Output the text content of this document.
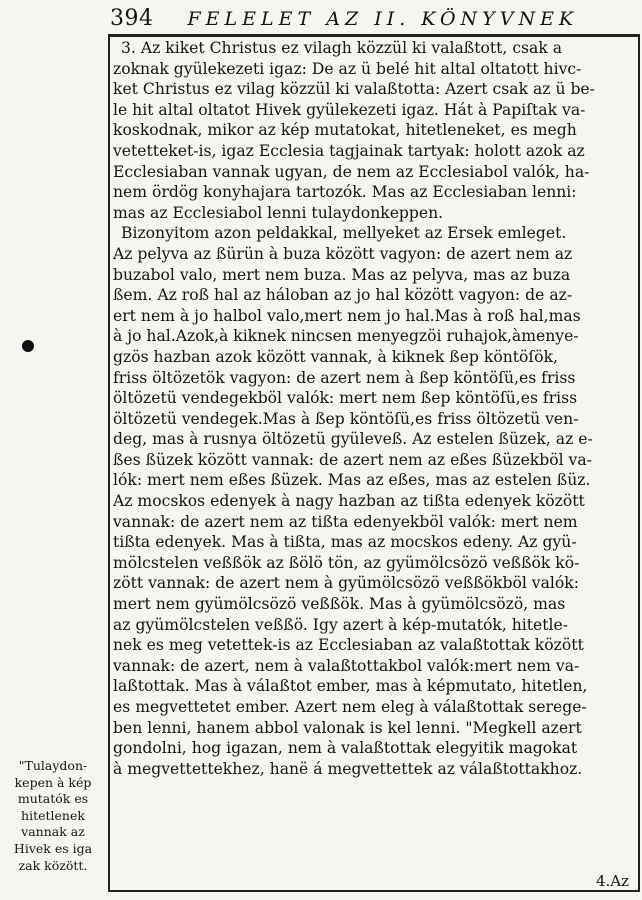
394 FELELET AZ II. KÖNYVNEK
3. Az kiket Christus ez vilagh közzül ki valaßtott, csak a
zoknak gyülekezeti igaz: De az ü belé hit altal oltatott hivc-
ket Christus ez vilag közzül ki valaßtotta: Azert csak az ü be-
le hit altal oltatot Hivek gyülekezeti igaz. Hát à Papiſtak va-
koskodnak, mikor az kép mutatokat, hitetleneket, es megh
vetetteket-is, igaz Ecclesia tagjainak tartyak: holott azok az
Ecclesiaban vannak ugyan, de nem az Ecclesiabol valók, ha-
nem ördög konyhajara tartozók. Mas az Ecclesiaban lenni:
mas az Ecclesiabol lenni tulaydonkeppen.
Bizonyitom azon peldakkal, mellyeket az Ersek emleget.
Az pelyva az ßürün à buza között vagyon: de azert nem az
buzabol valo, mert nem buza. Mas az pelyva, mas az buza
ßem. Az roß hal az háloban az jo hal között vagyon: de az-
ert nem à jo halbol valo,mert nem jo hal.Mas à roß hal,mas
à jo hal.Azok,à kiknek nincsen menyegzöi ruhajok,àmenye-
gzös hazban azok között vannak, à kiknek ßep köntöſök,
friss öltözetök vagyon: de azert nem à ßep köntöſü,es friss
öltözetü vendegekböl valók: mert nem ßep köntöſü,es friss
öltözetü vendegek.Mas à ßep köntöſü,es friss öltözetü ven-
deg, mas à rusnya öltözetü gyülevеß. Az estelen ßüzek, az e-
ßes ßüzek között vannak: de azert nem az eßes ßüzekböl va-
lók: mert nem eßes ßüzek. Mas az eßes, mas az estelen ßüz.
Az mocskos edenyek à nagy hazban az tißta edenyek között
vannak: de azert nem az tißta edenyekböl valók: mert nem
tißta edenyek. Mas à tißta, mas az mocskos edeny. Az gyü-
mölcstelen veßßök az ßölö tön, az gyümölcsözö veßßök kö-
zött vannak: de azert nem à gyümölcsözö veßßökböl valók:
mert nem gyümölcsözö veßßök. Mas à gyümölcsözö, mas
az gyümölcstelen veßßö. Igy azert à kép-mutatók, hitetle-
nek es meg vetettek-is az Ecclesiaban az valaßtottak között
vannak: de azert, nem à valaßtottakbol valók:mert nem va-
laßtottak. Mas à válaßtot ember, mas à képmutato, hitetlen,
es megvettetet ember. Azert nem eleg à válaßtottak serege-
ben lenni, hanem abbol valonak is kel lenni. "Megkell azert
gondolni, hog igazan, nem à valaßtottak elegyitik magokat
à megvettettekhez, hanë á megvettettek az válaßtottakhoz.
4.Az
"Tulaydon-
kepen à kép
mutatók es
hitetlenek
vannak az
Hivek es iga
zak között.
